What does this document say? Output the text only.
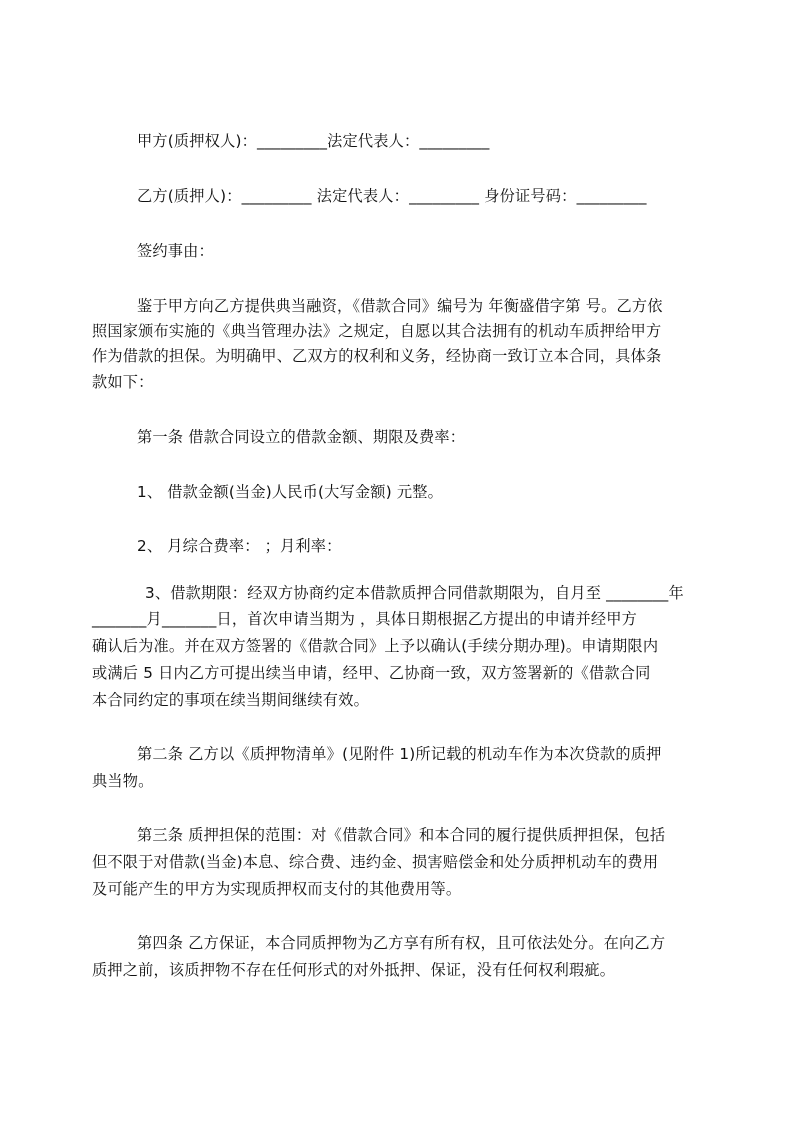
甲方(质押权人)：_________法定代表人：_________
乙方(质押人)：_________ 法定代表人：_________ 身份证号码：_________
签约事由：
鉴于甲方向乙方提供典当融资，《借款合同》编号为 年衡盛借字第 号。乙方依
照国家颁布实施的《典当管理办法》之规定，自愿以其合法拥有的机动车质押给甲方
作为借款的担保。为明确甲、乙双方的权利和义务，经协商一致订立本合同，具体条
款如下：
第一条 借款合同设立的借款金额、期限及费率：
1、 借款金额(当金)人民币(大写金额) 元整。
2、 月综合费率： ；月利率：
3、借款期限：经双方协商约定本借款质押合同借款期限为，自月至 ________年
_______月_______日，首次申请当期为 ，具体日期根据乙方提出的申请并经甲方
确认后为准。并在双方签署的《借款合同》上予以确认(手续分期办理)。申请期限内
或满后 5 日内乙方可提出续当申请，经甲、乙协商一致，双方签署新的《借款合同
本合同约定的事项在续当期间继续有效。
第二条 乙方以《质押物清单》(见附件 1)所记载的机动车作为本次贷款的质押
典当物。
第三条 质押担保的范围：对《借款合同》和本合同的履行提供质押担保，包括
但不限于对借款(当金)本息、综合费、违约金、损害赔偿金和处分质押机动车的费用
及可能产生的甲方为实现质押权而支付的其他费用等。
第四条 乙方保证，本合同质押物为乙方享有所有权，且可依法处分。在向乙方
质押之前，该质押物不存在任何形式的对外抵押、保证，没有任何权利瑕疵。
